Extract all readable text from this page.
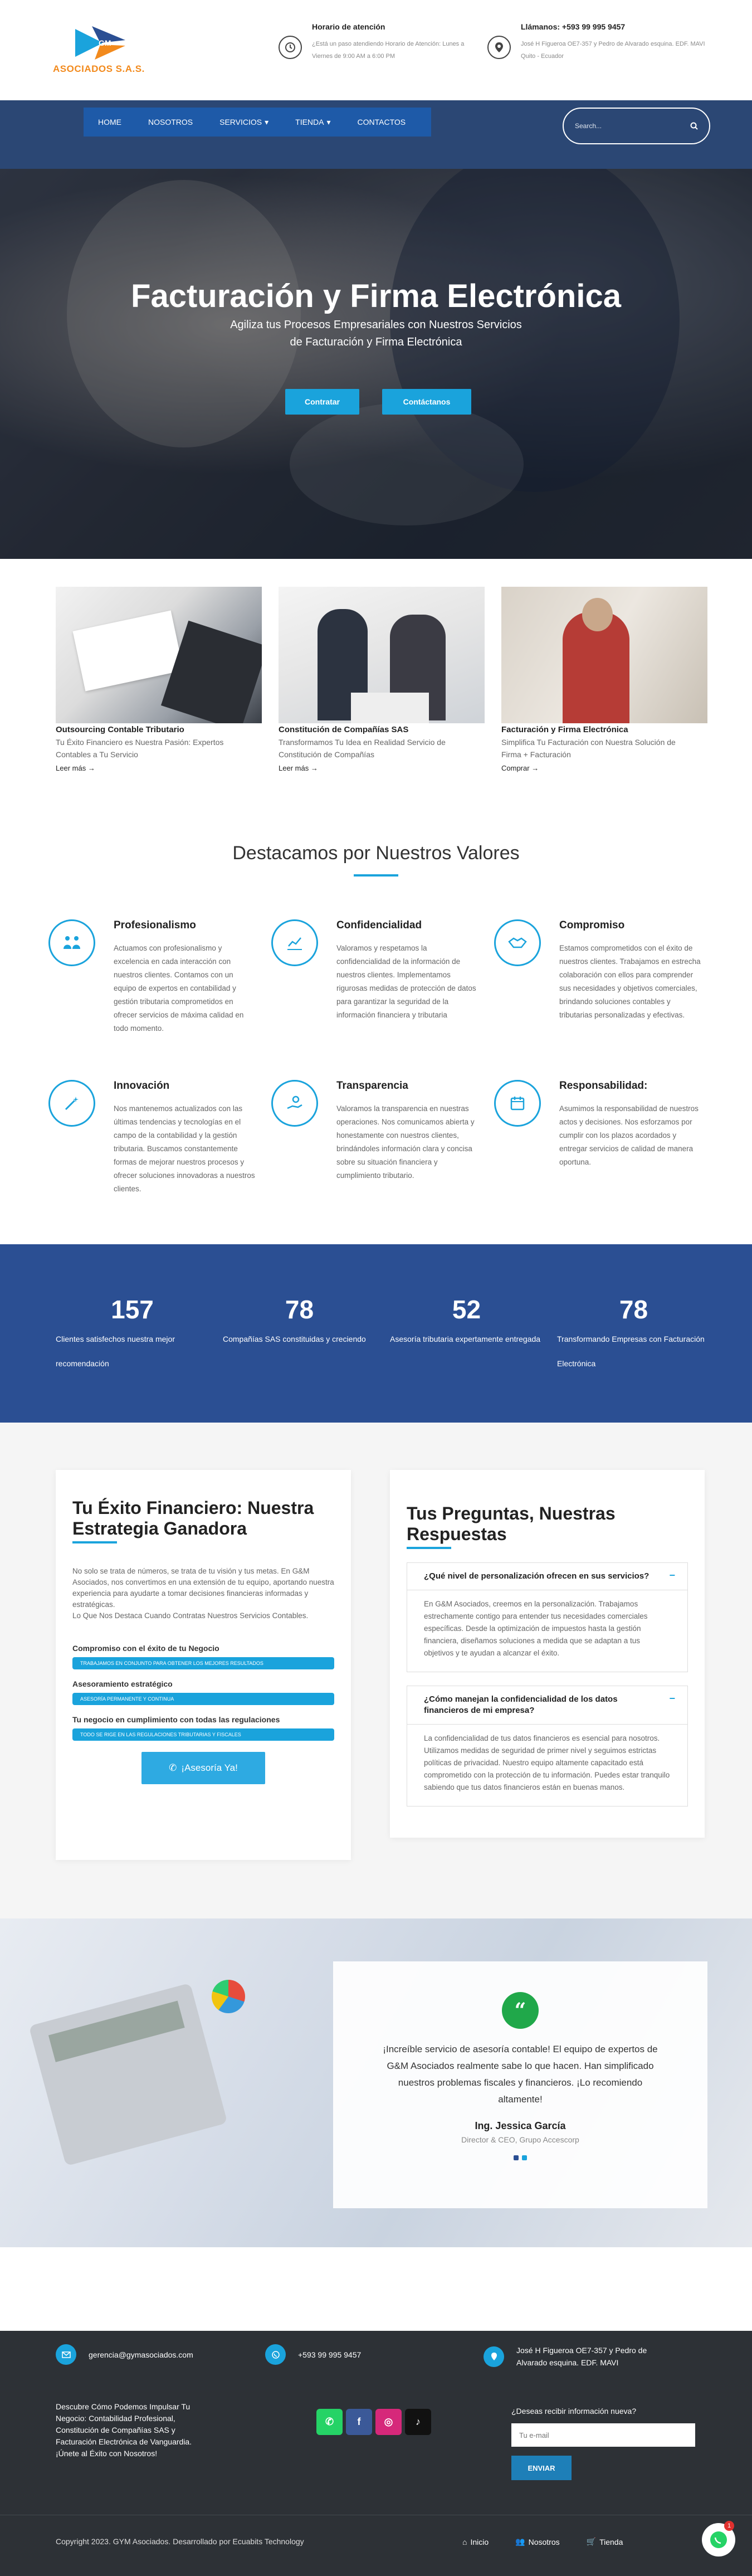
GM
ASOCIADOS S.A.S.
Horario de atención
¿Está un paso atendiendo Horario de Atención: Lunes a Viernes de 9:00 AM a 6:00 PM
Llámanos: +593 99 995 9457
José H Figueroa OE7-357 y Pedro de Alvarado esquina. EDF. MAVI Quito - Ecuador
HOME	NOSOTROS	SERVICIOS ▾	TIENDA ▾	CONTACTOS
Search...
Facturación y Firma Electrónica
Agiliza tus Procesos Empresariales con Nuestros Servicios
de Facturación y Firma Electrónica
Contratar	Contáctanos
Outsourcing Contable Tributario
Tu Éxito Financiero es Nuestra Pasión: Expertos Contables a Tu Servicio
Leer más →
Constitución de Compañías SAS
Transformamos Tu Idea en Realidad Servicio de Constitución de Compañías
Leer más →
Facturación y Firma Electrónica
Simplifica Tu Facturación con Nuestra Solución de Firma + Facturación
Comprar →
Destacamos por Nuestros Valores
Profesionalismo
Actuamos con profesionalismo y excelencia en cada interacción con nuestros clientes. Contamos con un equipo de expertos en contabilidad y gestión tributaria comprometidos en ofrecer servicios de máxima calidad en todo momento.
Confidencialidad
Valoramos y respetamos la confidencialidad de la información de nuestros clientes. Implementamos rigurosas medidas de protección de datos para garantizar la seguridad de la información financiera y tributaria
Compromiso
Estamos comprometidos con el éxito de nuestros clientes. Trabajamos en estrecha colaboración con ellos para comprender sus necesidades y objetivos comerciales, brindando soluciones contables y tributarias personalizadas y efectivas.
Innovación
Nos mantenemos actualizados con las últimas tendencias y tecnologías en el campo de la contabilidad y la gestión tributaria. Buscamos constantemente formas de mejorar nuestros procesos y ofrecer soluciones innovadoras a nuestros clientes.
Transparencia
Valoramos la transparencia en nuestras operaciones. Nos comunicamos abierta y honestamente con nuestros clientes, brindándoles información clara y concisa sobre su situación financiera y cumplimiento tributario.
Responsabilidad:
Asumimos la responsabilidad de nuestros actos y decisiones. Nos esforzamos por cumplir con los plazos acordados y entregar servicios de calidad de manera oportuna.
157
Clientes satisfechos nuestra mejor recomendación
78
Compañías SAS constituidas y creciendo
52
Asesoría tributaria expertamente entregada
78
Transformando Empresas con Facturación Electrónica
Tu Éxito Financiero: Nuestra Estrategia Ganadora
No solo se trata de números, se trata de tu visión y tus metas. En G&M Asociados, nos convertimos en una extensión de tu equipo, aportando nuestra experiencia para ayudarte a tomar decisiones financieras informadas y estratégicas.
Lo Que Nos Destaca Cuando Contratas Nuestros Servicios Contables.
Compromiso con el éxito de tu Negocio
TRABAJAMOS EN CONJUNTO PARA OBTENER LOS MEJORES RESULTADOS
Asesoramiento estratégico
ASESORÍA PERMANENTE Y CONTINUA
Tu negocio en cumplimiento con todas las regulaciones
TODO SE RIGE EN LAS REGULACIONES TRIBUTARIAS Y FISCALES
✆ ¡Asesoría Ya!
Tus Preguntas, Nuestras Respuestas
¿Qué nivel de personalización ofrecen en sus servicios? −
En G&M Asociados, creemos en la personalización. Trabajamos estrechamente contigo para entender tus necesidades comerciales específicas. Desde la optimización de impuestos hasta la gestión financiera, diseñamos soluciones a medida que se adaptan a tus objetivos y te ayudan a alcanzar el éxito.
¿Cómo manejan la confidencialidad de los datos financieros de mi empresa?
−
La confidencialidad de tus datos financieros es esencial para nosotros. Utilizamos medidas de seguridad de primer nivel y seguimos estrictas políticas de privacidad. Nuestro equipo altamente capacitado está comprometido con la protección de tu información. Puedes estar tranquilo sabiendo que tus datos financieros están en buenas manos.
“
¡Increíble servicio de asesoría contable! El equipo de expertos de G&M Asociados realmente sabe lo que hacen. Han simplificado nuestros problemas fiscales y financieros. ¡Lo recomiendo altamente!
Ing. Jessica García
Director & CEO, Grupo Accescorp
gerencia@gymasociados.com	+593 99 995 9457	José H Figueroa OE7-357 y Pedro de Alvarado esquina. EDF. MAVI
Descubre Cómo Podemos Impulsar Tu Negocio: Contabilidad Profesional, Constitución de Compañías SAS y Facturación Electrónica de Vanguardia. ¡Únete al Éxito con Nosotros!
✆	f	◎	♪
¿Deseas recibir información nueva?
Tu e-mail
ENVIAR
Copyright 2023. GYM Asociados. Desarrollado por Ecuabits Technology	⌂ Inicio	👥 Nosotros	🛒 Tienda
1
